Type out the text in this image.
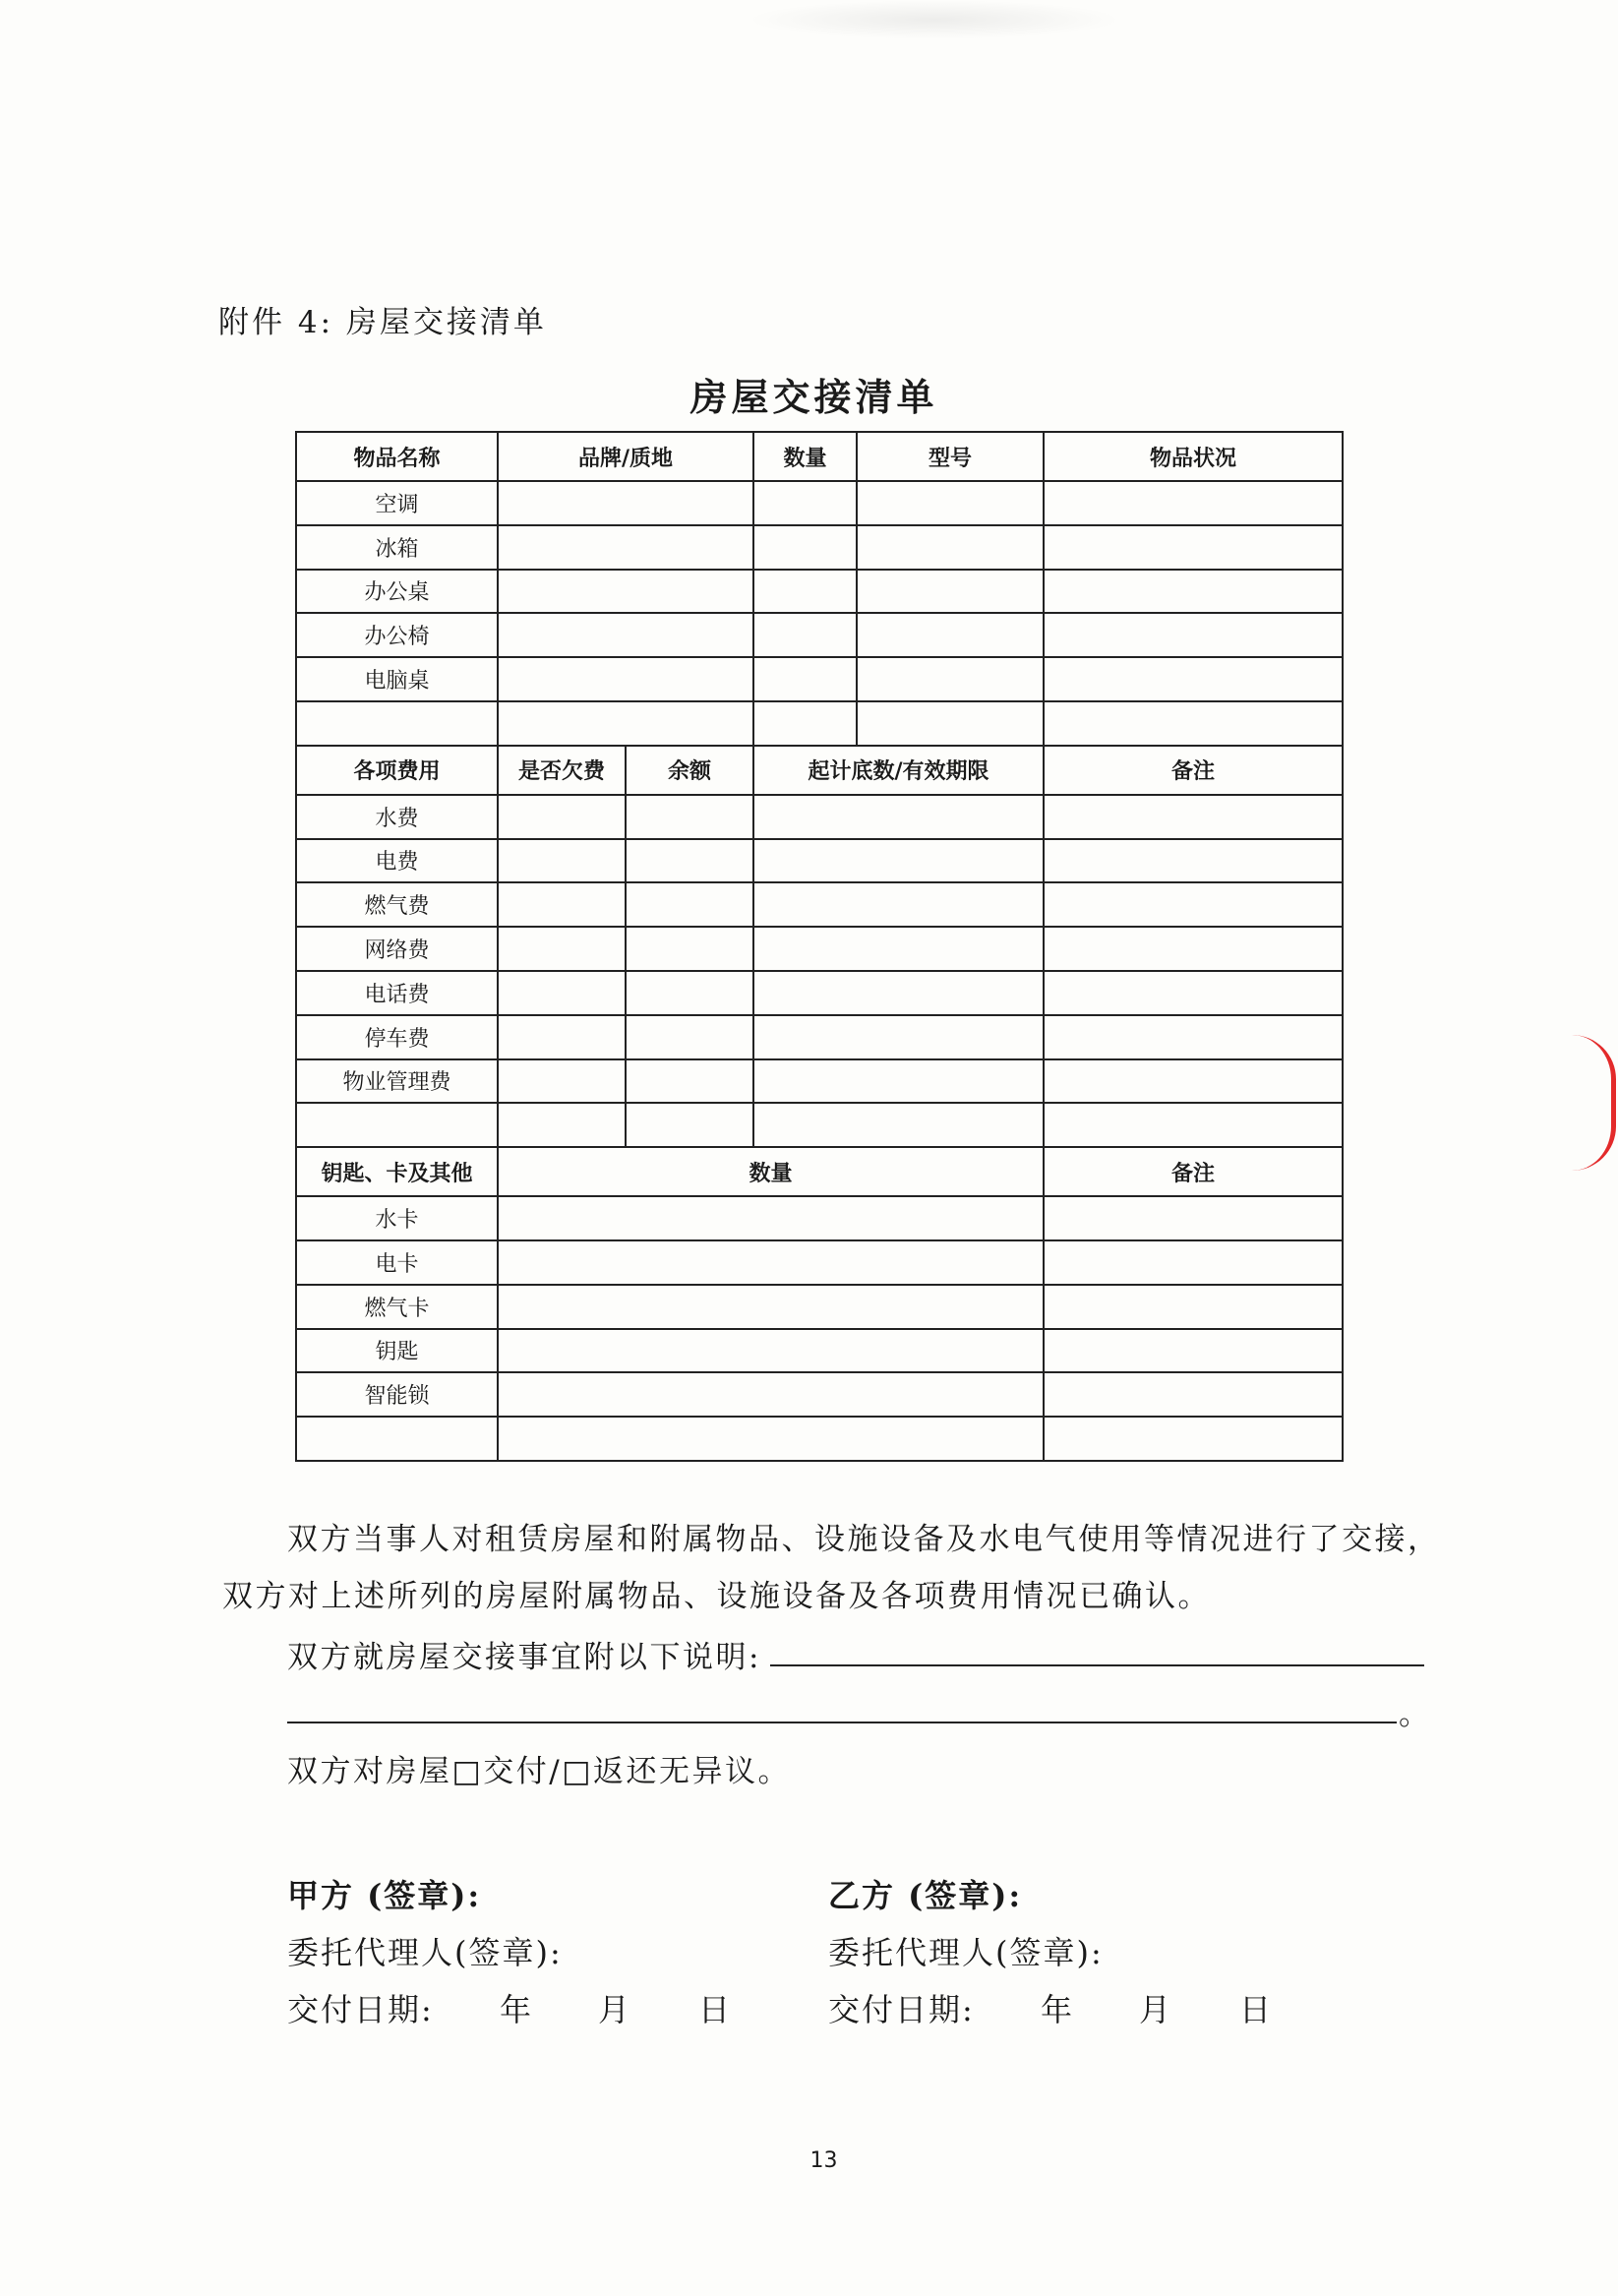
附件 4: 房屋交接清单
房屋交接清单
物品名称	品牌/质地		数量	型号	物品状况
空调					
冰箱					
办公桌					
办公椅					
电脑桌					

各项费用	是否欠费	余额	起计底数/有效期限		备注
水费					
电费					
燃气费					
网络费					
电话费					
停车费					
物业管理费					

钥匙、卡及其他	数量				备注
水卡					
电卡					
燃气卡					
钥匙					
智能锁					

双方当事人对租赁房屋和附属物品、设施设备及水电气使用等情况进行了交接，
双方对上述所列的房屋附属物品、设施设备及各项费用情况已确认。
双方就房屋交接事宜附以下说明:
。
双方对房屋□交付/□返还无异议。
甲方 (签章):	乙方 (签章):
委托代理人(签章):	委托代理人(签章):
交付日期: 年 月 日	交付日期: 年 月 日
13
